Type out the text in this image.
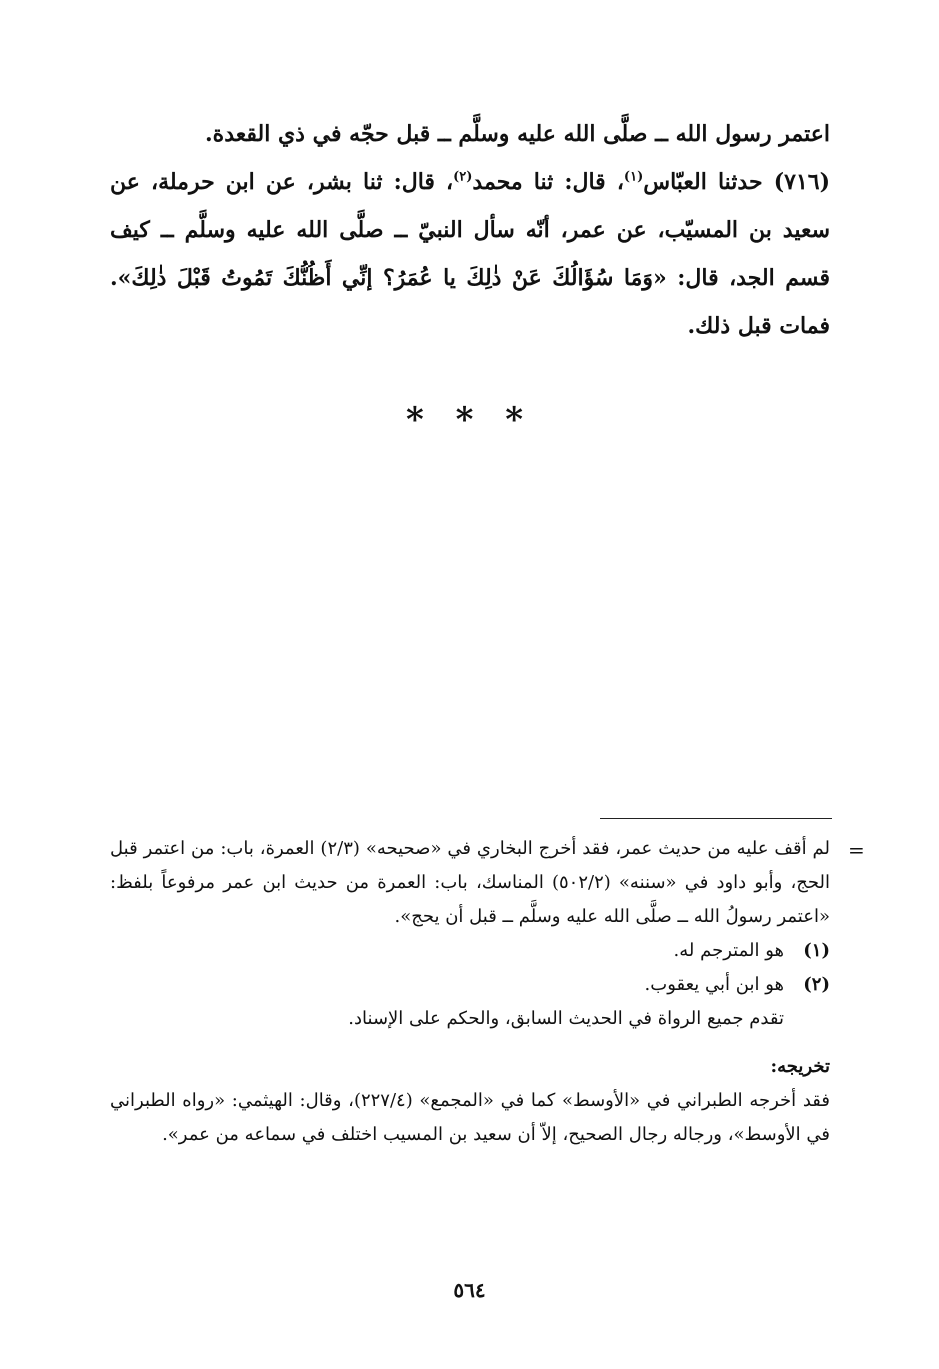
اعتمر رسول الله ــ صلَّى الله عليه وسلَّم ــ قبل حجّه في ذي القعدة.

(٧١٦) حدثنا العبّاس$^{(١)}$، قال: ثنا محمد$^{(٢)}$، قال: ثنا بشر، عن ابن حرملة، عن سعيد بن المسيّب، عن عمر، أنّه سأل النبيّ ــ صلَّى الله عليه وسلَّم ــ كيف قسم الجد، قال: «وَمَا سُؤَالُكَ عَنْ ذٰلِكَ يا عُمَرُ؟ إنِّي أَظُنُّكَ تَمُوتُ قَبْلَ ذٰلِكَ». فمات قبل ذلك.

* * *
=

لم أقف عليه من حديث عمر، فقد أخرج البخاري في «صحيحه» (٢/٣) العمرة، باب: من اعتمر قبل الحج، وأبو داود في «سننه» (٥٠٢/٢) المناسك، باب: العمرة من حديث ابن عمر مرفوعاً بلفظ: «اعتمر رسولُ الله ــ صلَّى الله عليه وسلَّم ــ قبل أن يحج».

(١)
هو المترجم له.
(٢)
هو ابن أبي يعقوب.
تقدم جميع الرواة في الحديث السابق، والحكم على الإسناد.

تخريجه:

فقد أخرجه الطبراني في «الأوسط» كما في «المجمع» (٢٢٧/٤)، وقال: الهيثمي: «رواه الطبراني في الأوسط»، ورجاله رجال الصحيح، إلاّ أن سعيد بن المسيب اختلف في سماعه من عمر».

٥٦٤
